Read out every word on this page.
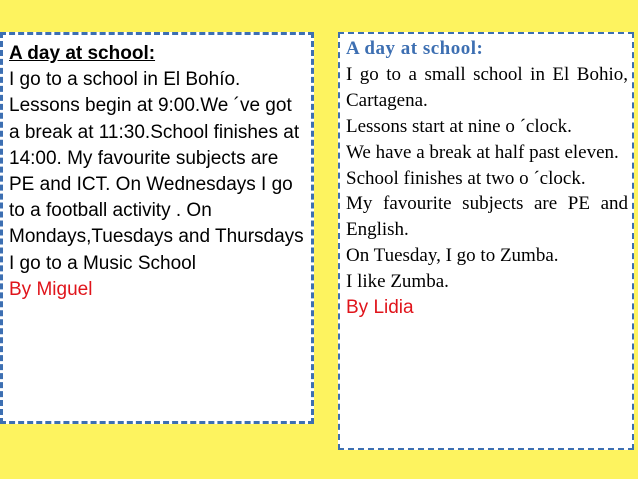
A day at school:
I go to a school in El Bohío. Lessons begin at 9:00.We ´ve got a break at 11:30.School finishes at 14:00. My favourite subjects are PE and ICT. On Wednesdays I go to a football activity . On Mondays,Tuesdays and Thursdays I go to a Music School
By Miguel
A day at school:
I go to a small school in El Bohio, Cartagena.
Lessons start at nine o ´clock.
We have a break at half past eleven.
School finishes at two o ´clock.
My favourite subjects are PE and English.
On Tuesday, I go to Zumba.
I like Zumba.
By Lidia
